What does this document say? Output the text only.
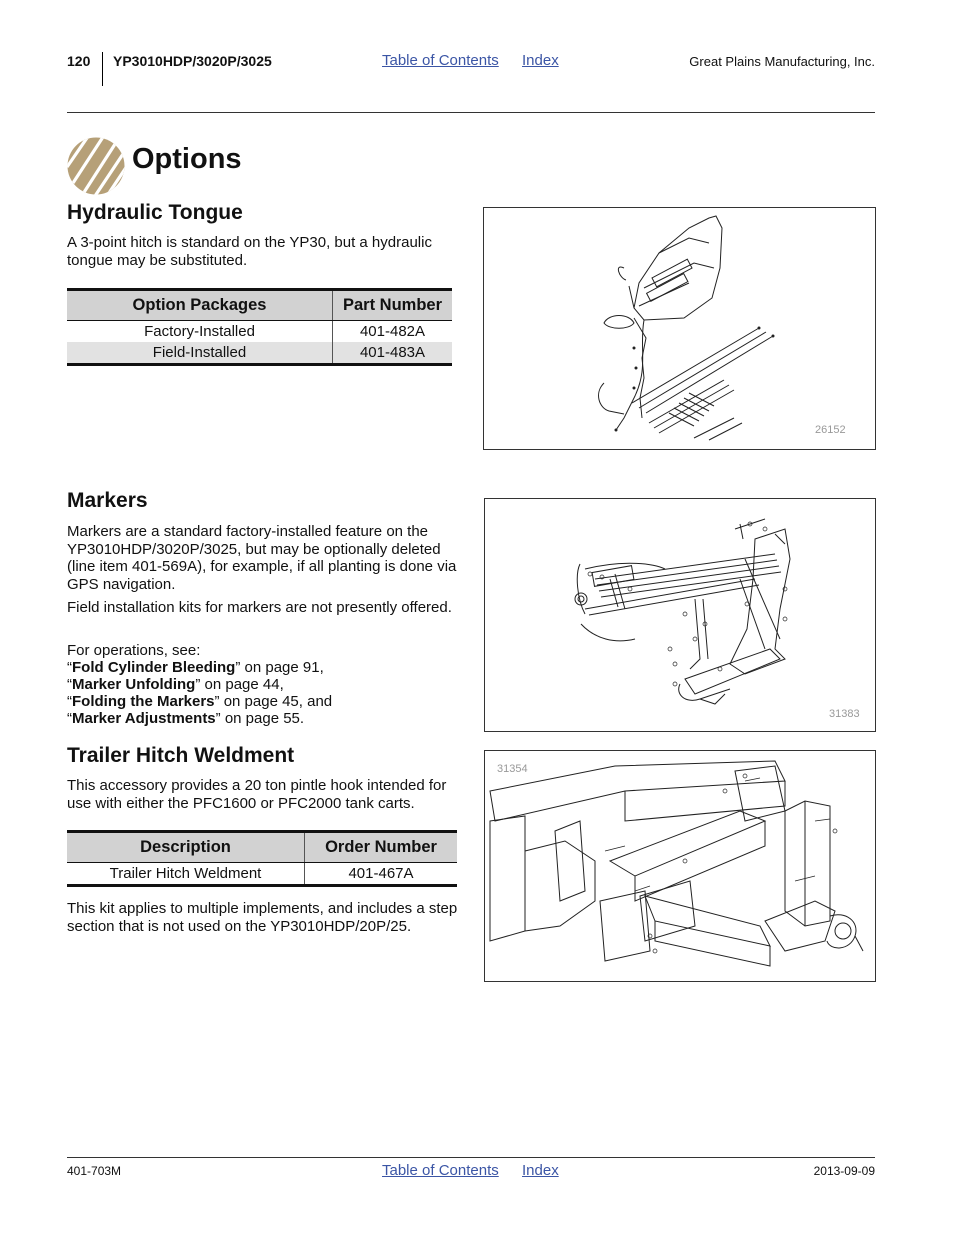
120 YP3010HDP/3020P/3025	Table of Contents Index	Great Plains Manufacturing, Inc.
Options
Hydraulic Tongue
A 3-point hitch is standard on the YP30, but a hydraulic tongue may be substituted.
Option Packages	Part Number
Factory-Installed	401-482A
Field-Installed	401-483A
26152
Markers
Markers are a standard factory-installed feature on the YP3010HDP/3020P/3025, but may be optionally deleted (line item 401-569A), for example, if all planting is done via GPS navigation.
Field installation kits for markers are not presently offered.
For operations, see:
“Fold Cylinder Bleeding” on page 91,
“Marker Unfolding” on page 44,
“Folding the Markers” on page 45, and
“Marker Adjustments” on page 55.	31383
Trailer Hitch Weldment
This accessory provides a 20 ton pintle hook intended for use with either the PFC1600 or PFC2000 tank carts.
Description	Order Number
Trailer Hitch Weldment	401-467A
This kit applies to multiple implements, and includes a step section that is not used on the YP3010HDP/20P/25.
31354
401-703M	Table of Contents Index	2013-09-09
